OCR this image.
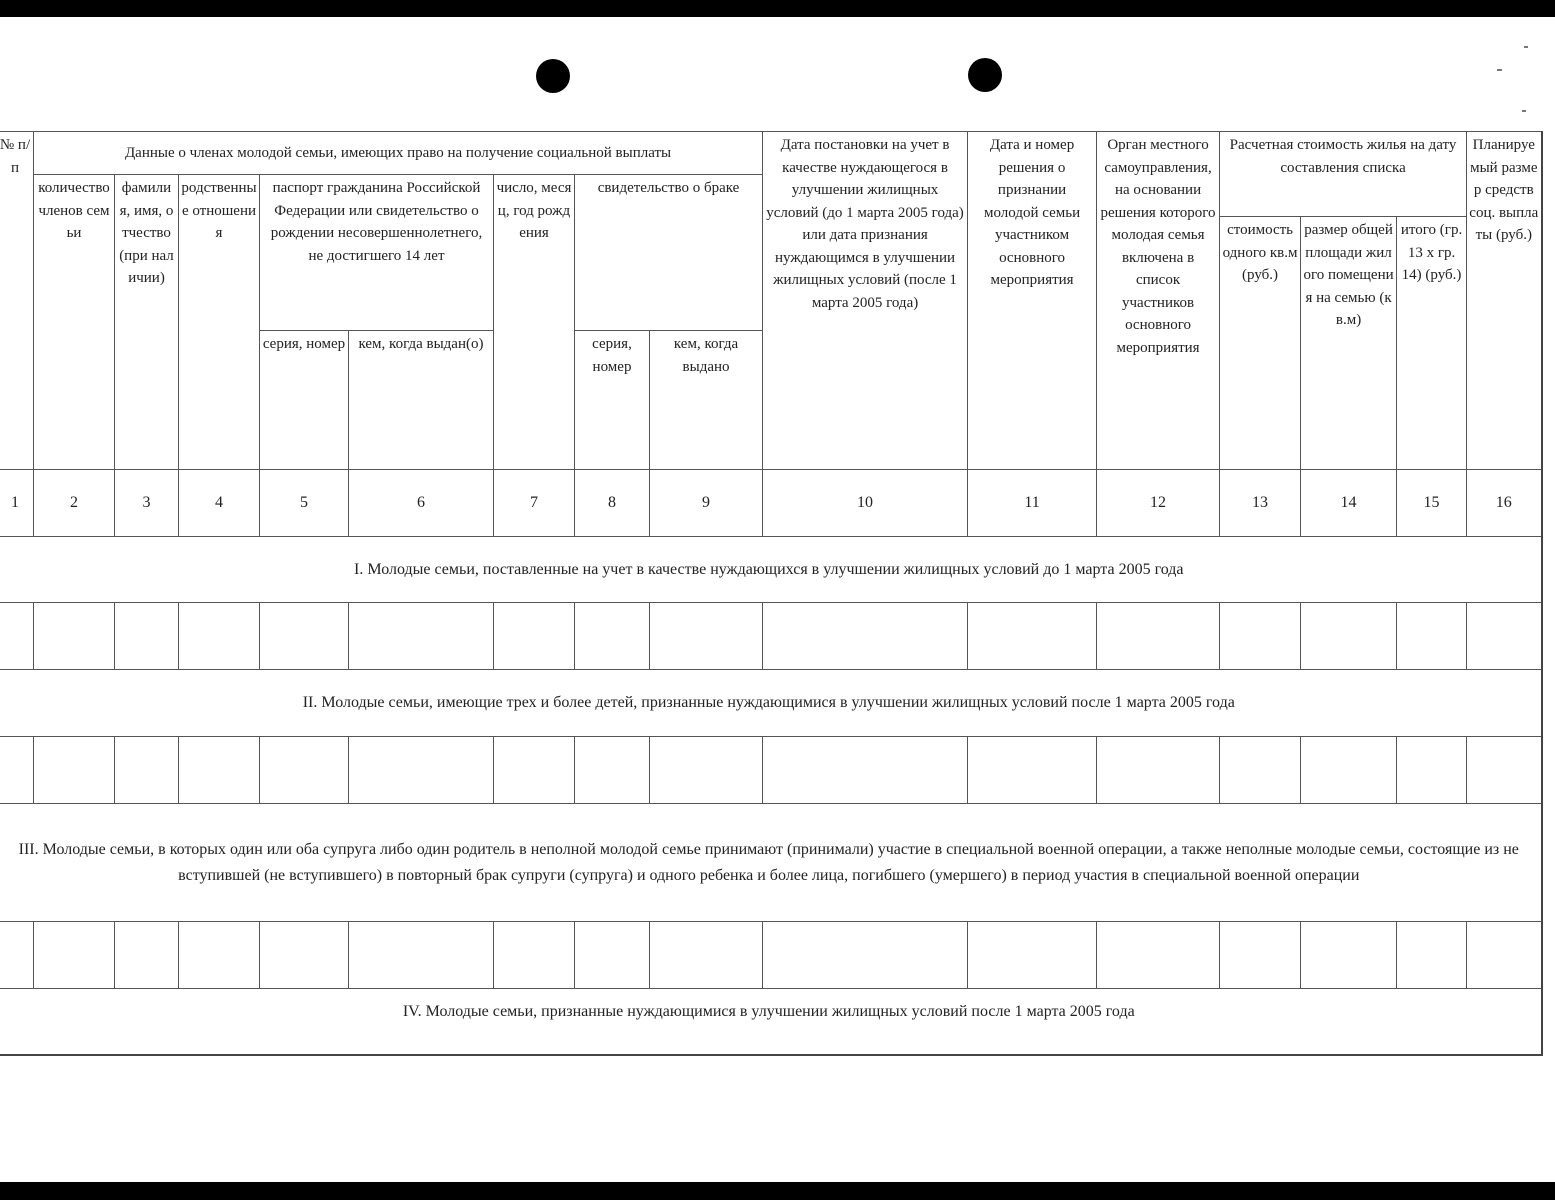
№ п/п	Данные о членах молодой семьи, имеющих право на получение социальной выплаты								Дата постановки на учет в качестве нуждающегося в улучшении жилищных условий (до 1 марта 2005 года) или дата признания нуждающимся в улучшении жилищных условий (после 1 марта 2005 года)	Дата и номер решения о признании молодой семьи участником основного мероприятия	Орган местного самоуправления, на основании решения которого молодая семья включена в список участников основного мероприятия	Расчетная стоимость жилья на дату составления списка			Планируемый размер средств соц. выплаты (руб.)
	количество членов семьи	фамилия, имя, отчество (при наличии)	родственные отношения	паспорт гражданина Российской Федерации или свидетельство о рождении несовершеннолетнего, не достигшего 14 лет		число, месяц, год рождения	свидетельство о браке								
												стоимость одного кв.м (руб.)	размер общей площади жилого помещения на семью (кв.м)	итого (гр. 13 х гр. 14) (руб.)	
				серия, номер	кем, когда выдан(о)		серия, номер	кем, когда выдано							
1	2	3	4	5	6	7	8	9	10	11	12	13	14	15	16
I. Молодые семьи, поставленные на учет в качестве нуждающихся в улучшении жилищных условий до 1 марта 2005 года															

II. Молодые семьи, имеющие трех и более детей, признанные нуждающимися в улучшении жилищных условий после 1 марта 2005 года															

III. Молодые семьи, в которых один или оба супруга либо один родитель в неполной молодой семье принимают (принимали) участие в специальной военной операции, а также неполные молодые семьи, состоящие из не вступившей (не вступившего) в повторный брак супруги (супруга) и одного ребенка и более лица, погибшего (умершего) в период участия в специальной военной операции															

IV. Молодые семьи, признанные нуждающимися в улучшении жилищных условий после 1 марта 2005 года															
